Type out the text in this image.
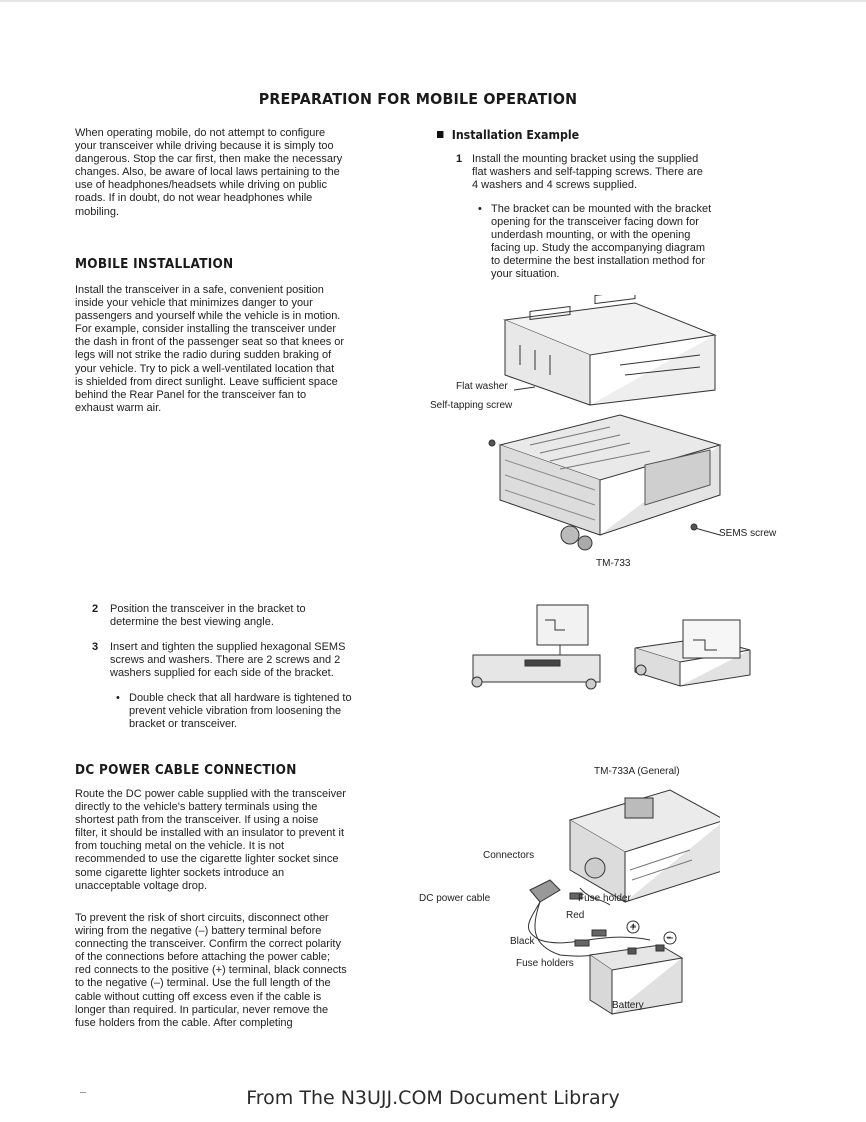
PREPARATION FOR MOBILE OPERATION
When operating mobile, do not attempt to configure
your transceiver while driving because it is simply too
dangerous. Stop the car first, then make the necessary
changes. Also, be aware of local laws pertaining to the
use of headphones/headsets while driving on public
roads. If in doubt, do not wear headphones while
mobiling.
MOBILE INSTALLATION
Install the transceiver in a safe, convenient position
inside your vehicle that minimizes danger to your
passengers and yourself while the vehicle is in motion.
For example, consider installing the transceiver under
the dash in front of the passenger seat so that knees or
legs will not strike the radio during sudden braking of
your vehicle. Try to pick a well-ventilated location that
is shielded from direct sunlight. Leave sufficient space
behind the Rear Panel for the transceiver fan to
exhaust warm air.
Installation Example
1 Install the mounting bracket using the supplied
flat washers and self-tapping screws. There are
4 washers and 4 screws supplied.
• The bracket can be mounted with the bracket
opening for the transceiver facing down for
underdash mounting, or with the opening
facing up. Study the accompanying diagram
to determine the best installation method for
your situation.
Flat washer
Self-tapping screw
SEMS screw
TM-733
2 Position the transceiver in the bracket to
determine the best viewing angle.
3 Insert and tighten the supplied hexagonal SEMS
screws and washers. There are 2 screws and 2
washers supplied for each side of the bracket.
• Double check that all hardware is tightened to
prevent vehicle vibration from loosening the
bracket or transceiver.
DC POWER CABLE CONNECTION
Route the DC power cable supplied with the transceiver
directly to the vehicle's battery terminals using the
shortest path from the transceiver. If using a noise
filter, it should be installed with an insulator to prevent it
from touching metal on the vehicle. It is not
recommended to use the cigarette lighter socket since
some cigarette lighter sockets introduce an
unacceptable voltage drop.
To prevent the risk of short circuits, disconnect other
wiring from the negative (–) battery terminal before
connecting the transceiver. Confirm the correct polarity
of the connections before attaching the power cable;
red connects to the positive (+) terminal, black connects
to the negative (–) terminal. Use the full length of the
cable without cutting off excess even if the cable is
longer than required. In particular, never remove the
fuse holders from the cable. After completing
TM-733A (General)
Connectors
DC power cable	Fuse holder
Red
Black
Fuse holders
Battery
+
−
From The N3UJJ.COM Document Library
